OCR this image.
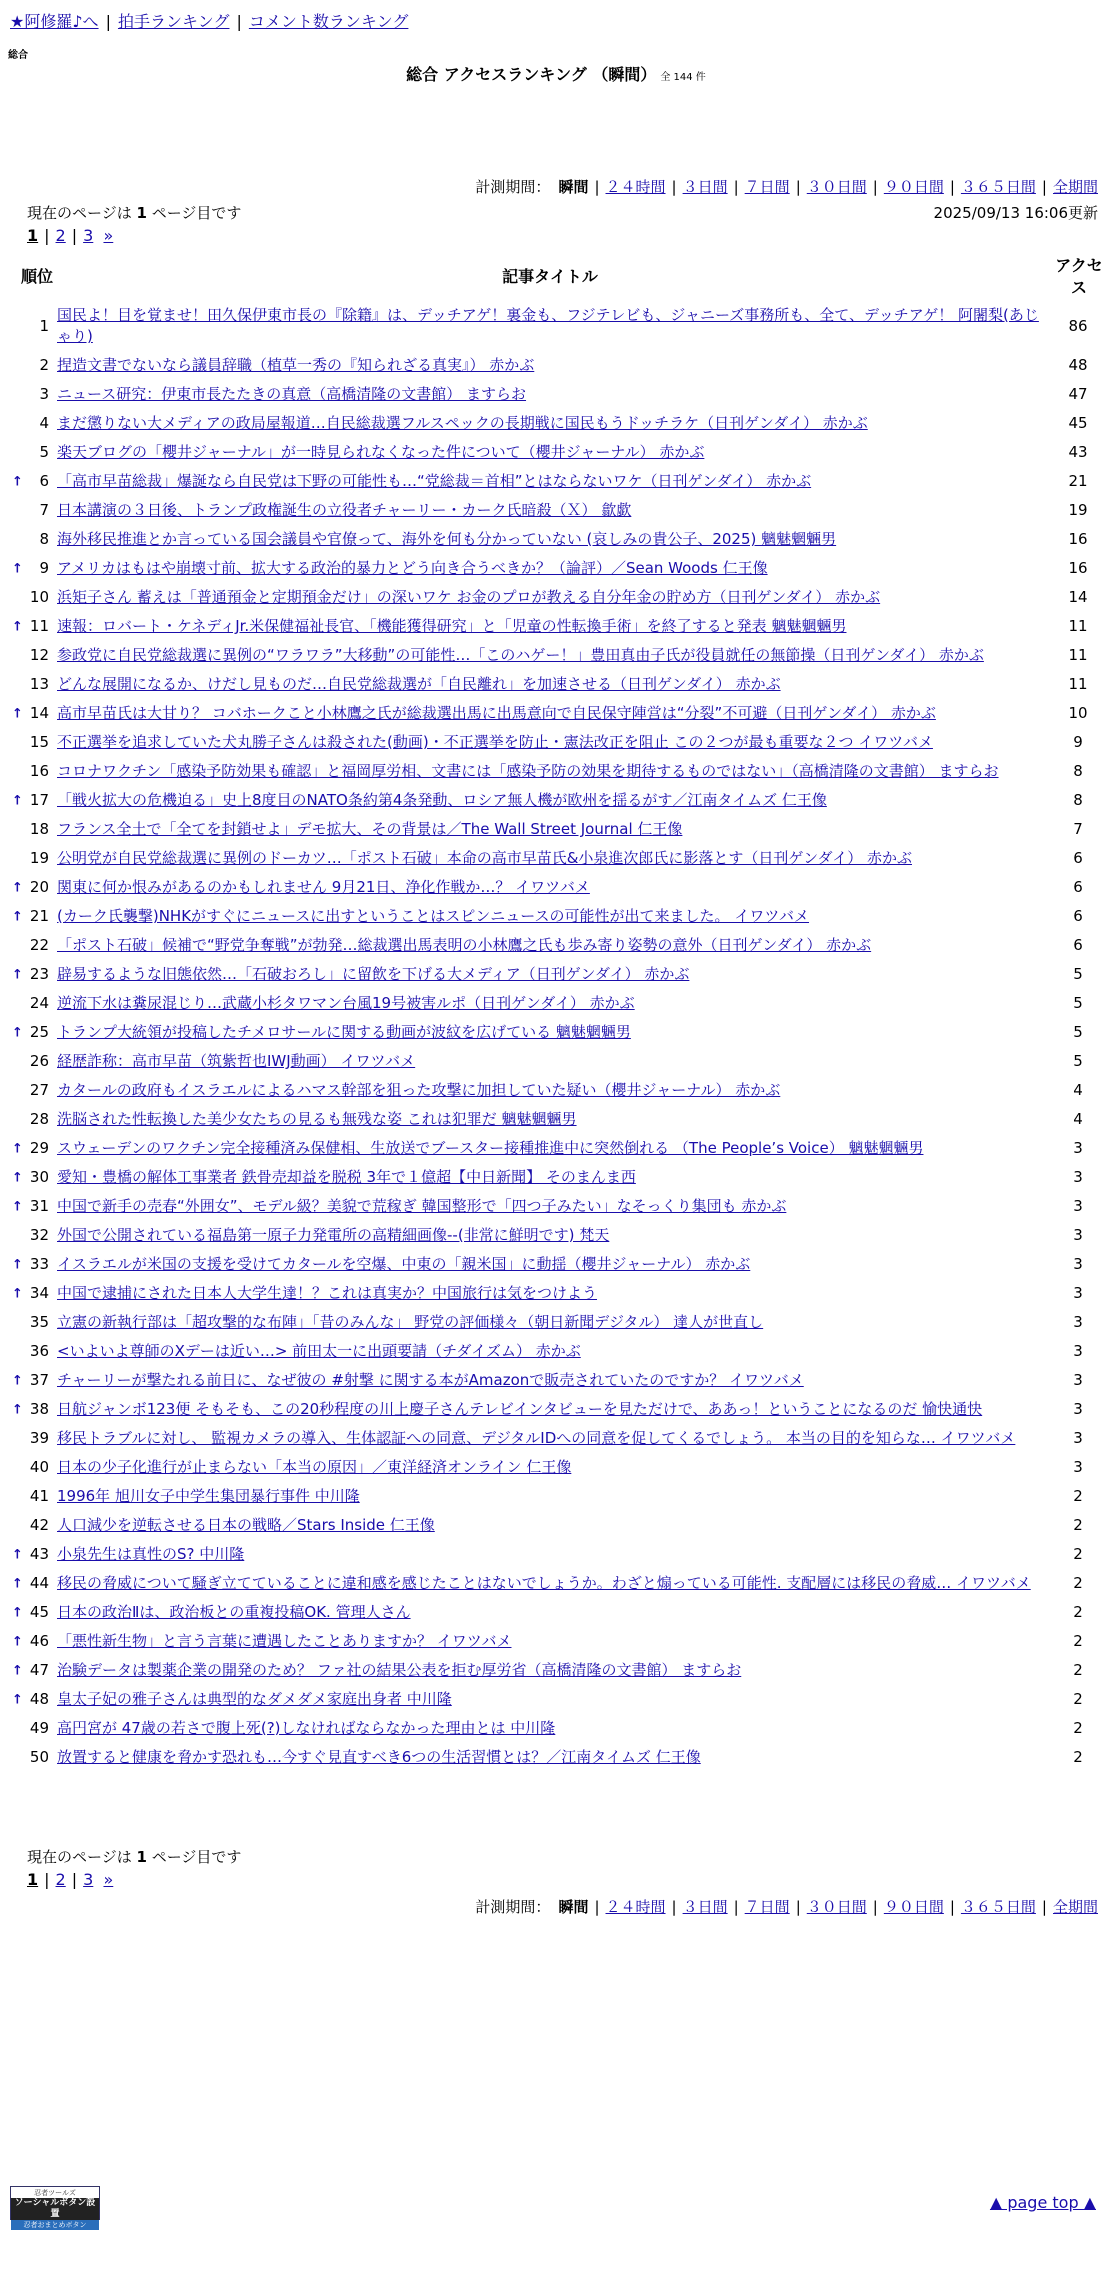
★阿修羅♪へ | 拍手ランキング | コメント数ランキング
総合
総合 アクセスランキング （瞬間） 全 144 件
計測期間： 瞬間 | ２４時間 | ３日間 | ７日間 | ３０日間 | ９０日間 | ３６５日間 | 全期間
現在のページは 1 ページ目です	2025/09/13 16:06更新
1 | 2 | 3 »
順位	記事タイトル	アクセス
1	国民よ！目を覚ませ！田久保伊東市長の『除籍』は、デッチアゲ！裏金も、フジテレビも、ジャニーズ事務所も、全て、デッチアゲ！ 阿闍梨(あじゃり)	86
2	捏造文書でないなら議員辞職（植草一秀の『知られざる真実』） 赤かぶ	48
3	ニュース研究：伊東市長たたきの真意（高橋清隆の文書館） ますらお	47
4	まだ懲りない大メディアの政局屋報道…自民総裁選フルスペックの長期戦に国民もうドッチラケ（日刊ゲンダイ） 赤かぶ	45
5	楽天ブログの「櫻井ジャーナル」が一時見られなくなった件について（櫻井ジャーナル） 赤かぶ	43

↑ 6	「高市早苗総裁」爆誕なら自民党は下野の可能性も…“党総裁＝首相”とはならないワケ（日刊ゲンダイ） 赤かぶ	21
7	日本講演の３日後、トランプ政権誕生の立役者チャーリー・カーク氏暗殺（Ｘ） 歙歔	19
8	海外移民推進とか言っている国会議員や官僚って、海外を何も分かっていない (哀しみの貴公子、2025) 魑魅魍魎男	16

↑ 9	アメリカはもはや崩壊寸前、拡大する政治的暴力とどう向き合うべきか？（論評）／Sean Woods 仁王像	16
10	浜矩子さん 蓄えは「普通預金と定期預金だけ」の深いワケ お金のプロが教える自分年金の貯め方（日刊ゲンダイ） 赤かぶ	14

↑ 11	速報：ロバート・ケネディJr.米保健福祉長官、「機能獲得研究」と「児童の性転換手術」を終了すると発表 魑魅魍魎男	11
12	参政党に自民党総裁選に異例の“ワラワラ”大移動”の可能性…「このハゲー！」豊田真由子氏が役員就任の無節操（日刊ゲンダイ） 赤かぶ	11
13	どんな展開になるか、けだし見ものだ…自民党総裁選が「自民離れ」を加速させる（日刊ゲンダイ） 赤かぶ	11

↑ 14	高市早苗氏は大甘り？ コバホークこと小林鷹之氏が総裁選出馬に出馬意向で自民保守陣営は“分裂”不可避（日刊ゲンダイ） 赤かぶ	10
15	不正選挙を追求していた犬丸勝子さんは殺された(動画)・不正選挙を防止・憲法改正を阻止 この２つが最も重要な２つ イワツバメ	9
16	コロナワクチン「感染予防効果も確認」と福岡厚労相、文書には「感染予防の効果を期待するものではない」（高橋清隆の文書館） ますらお	8

↑ 17	「戦火拡大の危機迫る」史上8度目のNATO条約第4条発動、ロシア無人機が欧州を揺るがす／江南タイムズ 仁王像	8
18	フランス全土で「全てを封鎖せよ」デモ拡大、その背景は／The Wall Street Journal 仁王像	7
19	公明党が自民党総裁選に異例のドーカツ…「ポスト石破」本命の高市早苗氏&小泉進次郎氏に影落とす（日刊ゲンダイ） 赤かぶ	6

↑ 20	関東に何か恨みがあるのかもしれません 9月21日、浄化作戦か…？ イワツバメ	6

↑ 21	(カーク氏襲撃)NHKがすぐにニュースに出すということはスピンニュースの可能性が出て来ました。 イワツバメ	6
22	「ポスト石破」候補で“野党争奪戦”が勃発…総裁選出馬表明の小林鷹之氏も歩み寄り姿勢の意外（日刊ゲンダイ） 赤かぶ	6

↑ 23	辟易するような旧態依然…「石破おろし」に留飲を下げる大メディア（日刊ゲンダイ） 赤かぶ	5
24	逆流下水は糞尿混じり…武蔵小杉タワマン台風19号被害ルポ（日刊ゲンダイ） 赤かぶ	5

↑ 25	トランプ大統領が投稿したチメロサールに関する動画が波紋を広げている 魑魅魍魎男	5
26	経歴詐称：高市早苗（筑紫哲也IWJ動画） イワツバメ	5
27	カタールの政府もイスラエルによるハマス幹部を狙った攻撃に加担していた疑い（櫻井ジャーナル） 赤かぶ	4
28	洗脳された性転換した美少女たちの見るも無残な姿 これは犯罪だ 魑魅魍魎男	4

↑ 29	スウェーデンのワクチン完全接種済み保健相、生放送でブースター接種推進中に突然倒れる （The People’s Voice） 魑魅魍魎男	3

↑ 30	愛知・豊橋の解体工事業者 鉄骨売却益を脱税 3年で１億超【中日新聞】 そのまんま西	3

↑ 31	中国で新手の売春“外囲女”、モデル級？美貌で荒稼ぎ 韓国整形で「四つ子みたい」なそっくり集団も 赤かぶ	3
32	外国で公開されている福島第一原子力発電所の高精細画像--(非常に鮮明です) 梵天	3

↑ 33	イスラエルが米国の支援を受けてカタールを空爆、中東の「親米国」に動揺（櫻井ジャーナル） 赤かぶ	3

↑ 34	中国で逮捕にされた日本人大学生達！？これは真実か？中国旅行は気をつけよう	3
35	立憲の新執行部は「超攻撃的な布陣」「昔のみんな」 野党の評価様々（朝日新聞デジタル） 達人が世直し	3
36	<いよいよ尊師のXデーは近い…> 前田太一に出頭要請（チダイズム） 赤かぶ	3

↑ 37	チャーリーが撃たれる前日に、なぜ彼の #射撃 に関する本がAmazonで販売されていたのですか？ イワツバメ	3

↑ 38	日航ジャンボ123便 そもそも、この20秒程度の川上慶子さんテレビインタビューを見ただけで、ああっ！ということになるのだ 愉快通快	3
39	移民トラブルに対し、 監視カメラの導入、生体認証への同意、デジタルIDへの同意を促してくるでしょう。 本当の目的を知らな… イワツバメ	3
40	日本の少子化進行が止まらない「本当の原因」／東洋経済オンライン 仁王像	3
41	1996年 旭川女子中学生集団暴行事件 中川隆	2
42	人口減少を逆転させる日本の戦略／Stars Inside 仁王像	2

↑ 43	小泉先生は真性のS? 中川隆	2

↑ 44	移民の脅威について騒ぎ立てていることに違和感を感じたことはないでしょうか。わざと煽っている可能性. 支配層には移民の脅威… イワツバメ	2

↑ 45	日本の政治Ⅱは、政治板との重複投稿OK. 管理人さん	2

↑ 46	「悪性新生物」と言う言葉に遭遇したことありますか？ イワツバメ	2

↑ 47	治験データは製薬企業の開発のため？ ファ社の結果公表を拒む厚労省（高橋清隆の文書館） ますらお	2

↑ 48	皇太子妃の雅子さんは典型的なダメダメ家庭出身者 中川隆	2
49	高円宮が 47歳の若さで腹上死(?)しなければならなかった理由とは 中川隆	2
50	放置すると健康を脅かす恐れも…今すぐ見直すべき6つの生活習慣とは？／江南タイムズ 仁王像	2
現在のページは 1 ページ目です
1 | 2 | 3 »
計測期間： 瞬間 | ２４時間 | ３日間 | ７日間 | ３０日間 | ９０日間 | ３６５日間 | 全期間
忍者ツールズ
ソーシャルボタン設置
忍者おまとめボタン
▲ page top ▲
